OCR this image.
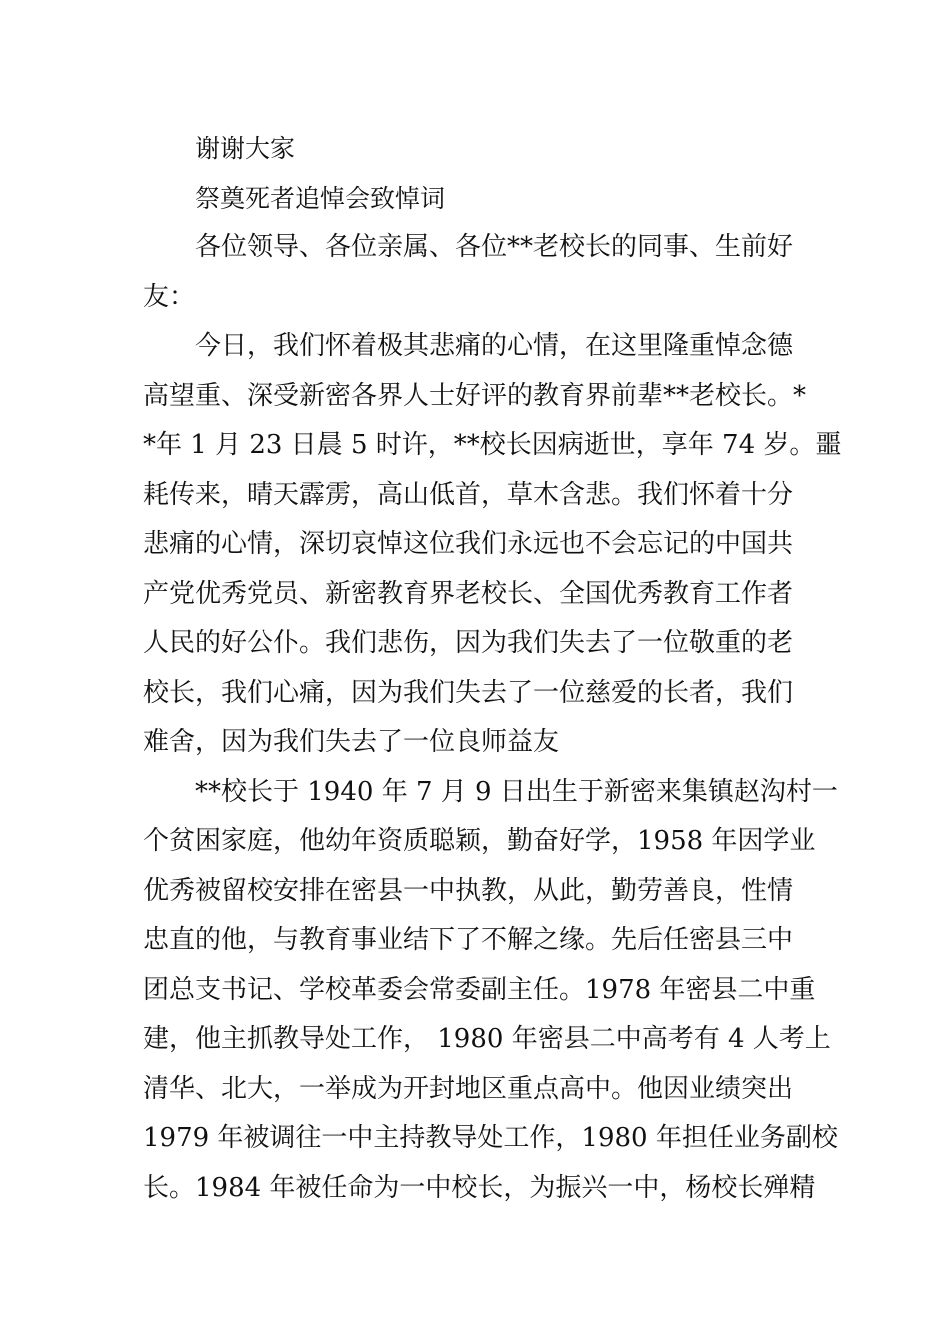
谢谢大家
祭奠死者追悼会致悼词
各位领导、各位亲属、各位**老校长的同事、生前好
友：
今日，我们怀着极其悲痛的心情，在这里隆重悼念德
高望重、深受新密各界人士好评的教育界前辈**老校长。*
*年 1 月 23 日晨 5 时许，**校长因病逝世，享年 74 岁。噩
耗传来，晴天霹雳，高山低首，草木含悲。我们怀着十分
悲痛的心情，深切哀悼这位我们永远也不会忘记的中国共
产党优秀党员、新密教育界老校长、全国优秀教育工作者
人民的好公仆。我们悲伤，因为我们失去了一位敬重的老
校长，我们心痛，因为我们失去了一位慈爱的长者，我们
难舍，因为我们失去了一位良师益友
**校长于 1940 年 7 月 9 日出生于新密来集镇赵沟村一
个贫困家庭，他幼年资质聪颖，勤奋好学，1958 年因学业
优秀被留校安排在密县一中执教，从此，勤劳善良，性情
忠直的他，与教育事业结下了不解之缘。先后任密县三中
团总支书记、学校革委会常委副主任。1978 年密县二中重
建，他主抓教导处工作， 1980 年密县二中高考有 4 人考上
清华、北大，一举成为开封地区重点高中。他因业绩突出
1979 年被调往一中主持教导处工作，1980 年担任业务副校
长。1984 年被任命为一中校长，为振兴一中，杨校长殚精
